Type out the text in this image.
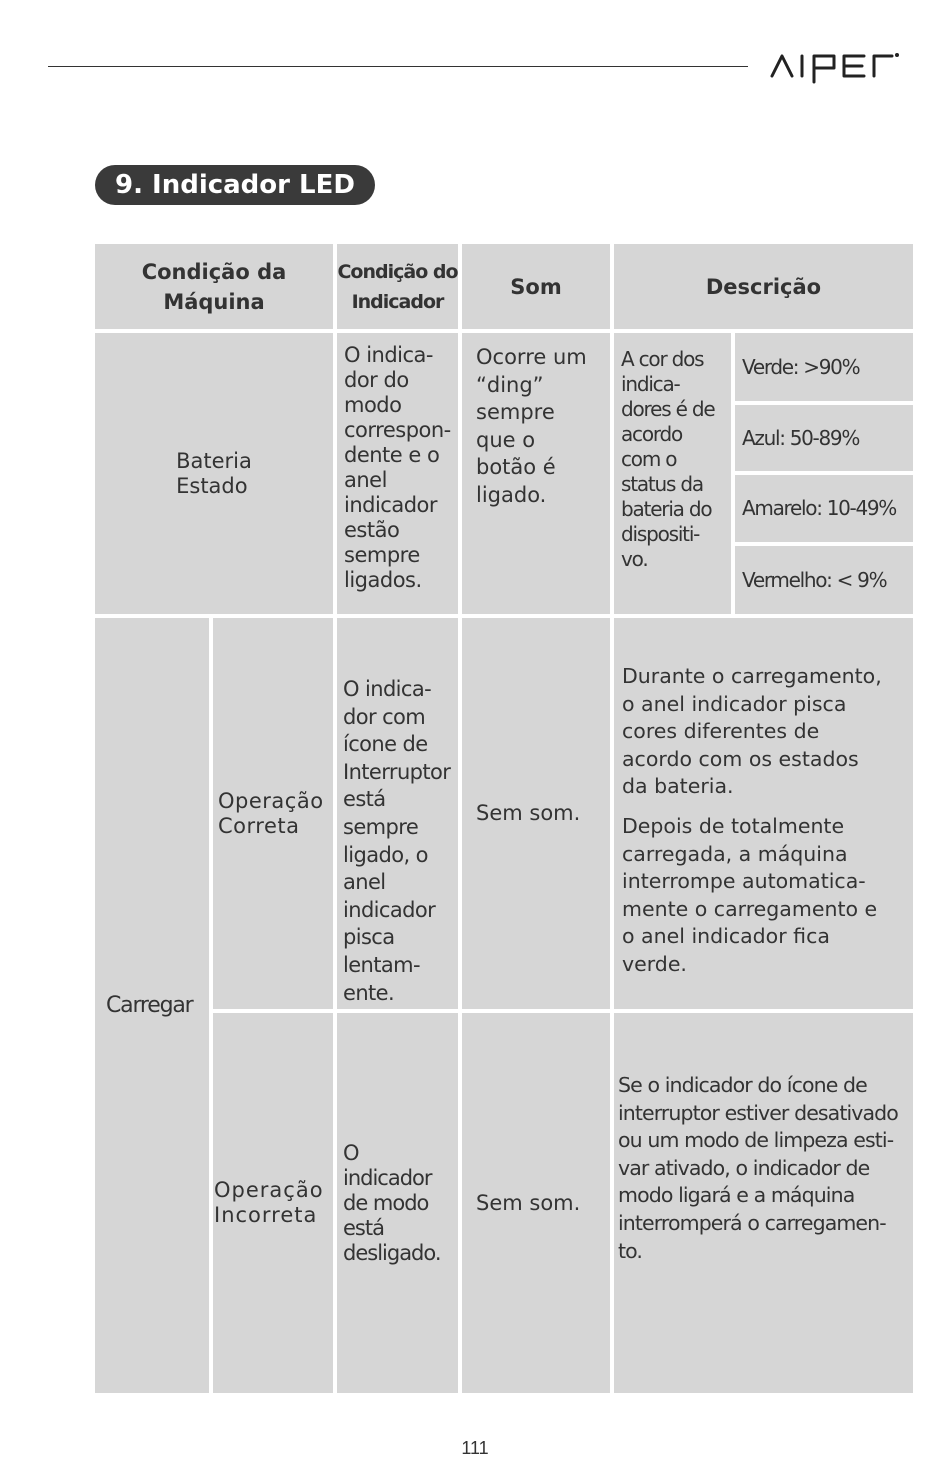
9. Indicador LED
Condição da
Máquina
Condição do
Indicador
Som	Descrição
Bateria
Estado
O indica-
dor do
modo
correspon-
dente e o
anel
indicador
estão
sempre
ligados.
Ocorre um
“ding”
sempre
que o
botão é
ligado.
A cor dos
indica-
dores é de
acordo
com o
status da
bateria do
dispositi-
vo.
Verde: >90%
Azul: 50-89%
Amarelo: 10-49%
Vermelho: < 9%
Carregar
Operação
Correta
O indica-
dor com
ícone de
Interruptor
está
sempre
ligado, o
anel
indicador
pisca
lentam-
ente.
Sem som.
Durante o carregamento,
o anel indicador pisca
cores diferentes de
acordo com os estados
da bateria.
Depois de totalmente
carregada, a máquina
interrompe automatica-
mente o carregamento e
o anel indicador fica
verde.
Operação
Incorreta
O indicador
de modo
está
desligado.
Sem som.
Se o indicador do ícone de
interruptor estiver desativado
ou um modo de limpeza esti-
var ativado, o indicador de
modo ligará e a máquina
interromperá o carregamen-
to.
111
